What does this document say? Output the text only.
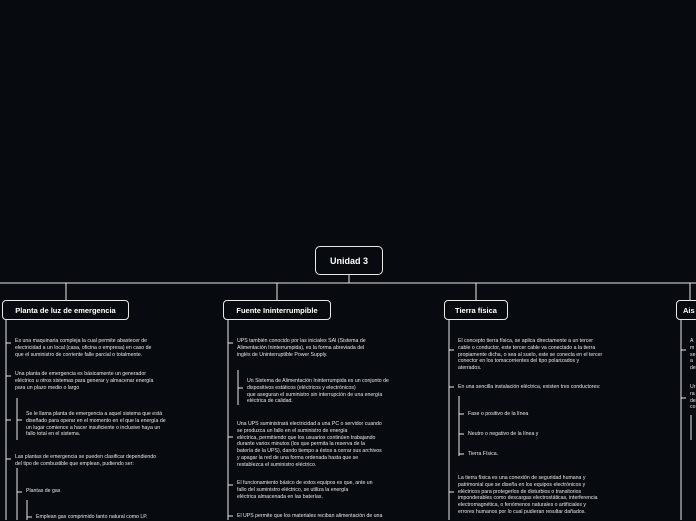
Unidad 3
Planta de luz de emergencia	Fuente Ininterrumpible	Tierra física	Ais
Es una maquinaria compleja la cual permite abastecer de
electricidad a un local (casa, oficina o empresa) en caso de
que el suministro de corriente falle parcial o totalmente.
Una planta de emergencia es básicamente un generador
eléctrico u otros sistemas para generar y almacenar energía
para un plazo medio o largo
Se le llama planta de emergencia a aquel sistema que está
diseñado para operar en el momento en el que la energía de
un lugar comience a hacer insuficiente o inclusive haya un
fallo total en el sistema.
Las plantas de emergencia se pueden clasificar dependiendo
del tipo de combustible que emplean, pudiendo ser:
Plantas de gas
Emplean gas comprimido tanto natural como LP.
UPS también conocido por las iniciales SAI (Sistema de
Alimentación Ininterrumpida), es la forma abreviada del
inglés de Uninterruptible Power Supply.
Un Sistema de Alimentación Ininterrumpida es un conjunto de
dispositivos estáticos (eléctricos y electrónicos)
que aseguran el suministro sin interrupción de una energía
eléctrica de calidad.
Una UPS suministrará electricidad a una PC o servidor cuando
se produzca un fallo en el suministro de energía
eléctrica, permitiendo que los usuarios continúen trabajando
durante varios minutos (los que permita la reserva de la
batería de la UPS), dando tiempo a éstos a cerrar sus archivos
y apagar la red de una forma ordenada hasta que se
restablezca el suministro eléctrico.
El funcionamiento básico de estos equipos es que, ante un
fallo del suministro eléctrico, se utiliza la energía
eléctrica almacenada en las baterías.
El UPS permite que los materiales reciban alimentación de una
El concepto tierra física, se aplica directamente a un tercer
cable o conductor, este tercer cable va conectado a la tierra
propiamente dicha, o sea al suelo, este se conecta en el tercer
conector en los tomacorrientes del tipo polarizados y
aterrados.
En una sencilla instalación eléctrica, existen tres conductores:
Fase o positivo de la línea
Neutro o negativo de la línea y
Tierra Física.
La tierra física es una conexión de seguridad humana y
patrimonial que se diseña en los equipos electrónicos y
eléctricos para protegerlos de disturbios o transitorios
imponderables como descargas electrostáticas, interferencia
electromagnética, o fenómenos naturales o artificiales y
errores humanos por lo cual pudieran resultar dañados.
A
m
se
a
de
Ur
ra
de
co
